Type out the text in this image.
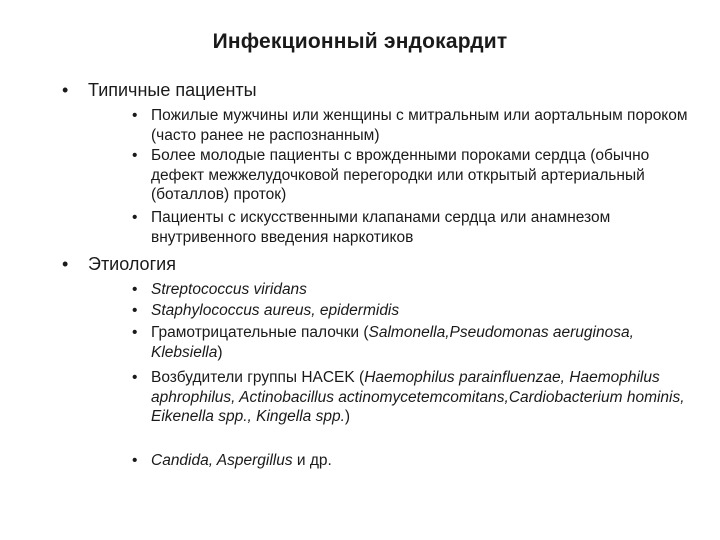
Инфекционный эндокардит
•	Типичные пациенты
• Пожилые мужчины или женщины с митральным или аортальным пороком (часто ранее не распознанным)
• Более молодые пациенты с врожденными пороками сердца (обычно дефект межжелудочковой перегородки или открытый артериальный (боталлов) проток)
• Пациенты с искусственными клапанами сердца или анамнезом внутривенного введения наркотиков
•	Этиология
• Streptococcus viridans
• Staphylococcus aureus, epidermidis
• Грамотрицательные палочки (Salmonella,Pseudomonas aeruginosa, Klebsiella)
• Возбудители группы HACEK (Haemophilus parainfluenzae, Haemophilus aphrophilus, Actinobacillus actinomycetemcomitans,Cardiobacterium hominis, Eikenella spp., Kingella spp.)
• Candida, Aspergillus и др.
